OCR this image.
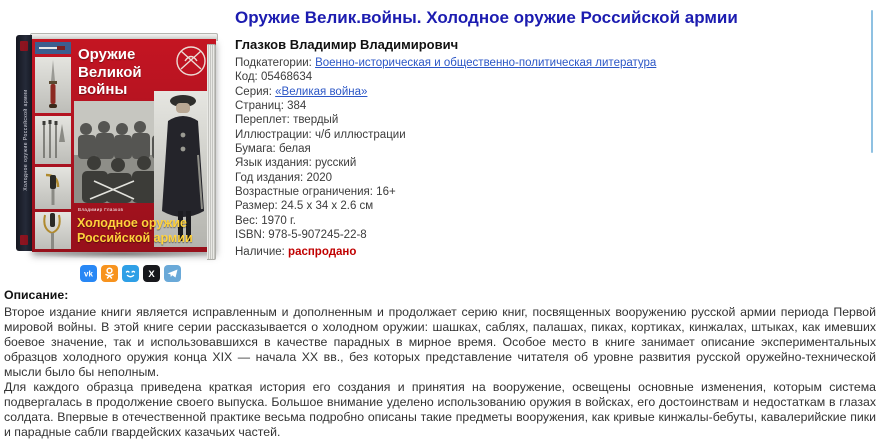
Холодное оружие Российской армии
Оружие Великой войны
Владимир Глазков
Холодное оружие Российской армии
vk	X
Оружие Велик.войны. Холодное оружие Российской армии
Глазков Владимир Владимирович
Подкатегории: Военно-историческая и общественно-политическая литература
Код: 05468634
Серия: «Великая война»
Страниц: 384
Переплет: твердый
Иллюстрации: ч/б иллюстрации
Бумага: белая
Язык издания: русский
Год издания: 2020
Возрастные ограничения: 16+
Размер: 24.5 x 34 x 2.6 см
Вес: 1970 г.
ISBN: 978-5-907245-22-8
Наличие: распродано
Описание:

Второе издание книги является исправленным и дополненным и продолжает серию книг, посвященных вооружению русской армии периода Первой мировой войны. В этой книге серии рассказывается о холодном оружии: шашках, саблях, палашах, пиках, кортиках, кинжалах, штыках, как имевших боевое значение, так и использовавшихся в качестве парадных в мирное время. Особое место в книге занимает описание экспериментальных образцов холодного оружия конца XIX — начала XX вв., без которых представление читателя об уровне развития русской оружейно-технической мысли было бы неполным.

Для каждого образца приведена краткая история его создания и принятия на вооружение, освещены основные изменения, которым система подвергалась в продолжение своего выпуска. Большое внимание уделено использованию оружия в войсках, его достоинствам и недостаткам в глазах солдата. Впервые в отечественной практике весьма подробно описаны такие предметы вооружения, как кривые кинжалы-бебуты, кавалерийские пики и парадные сабли гвардейских казачьих частей.
